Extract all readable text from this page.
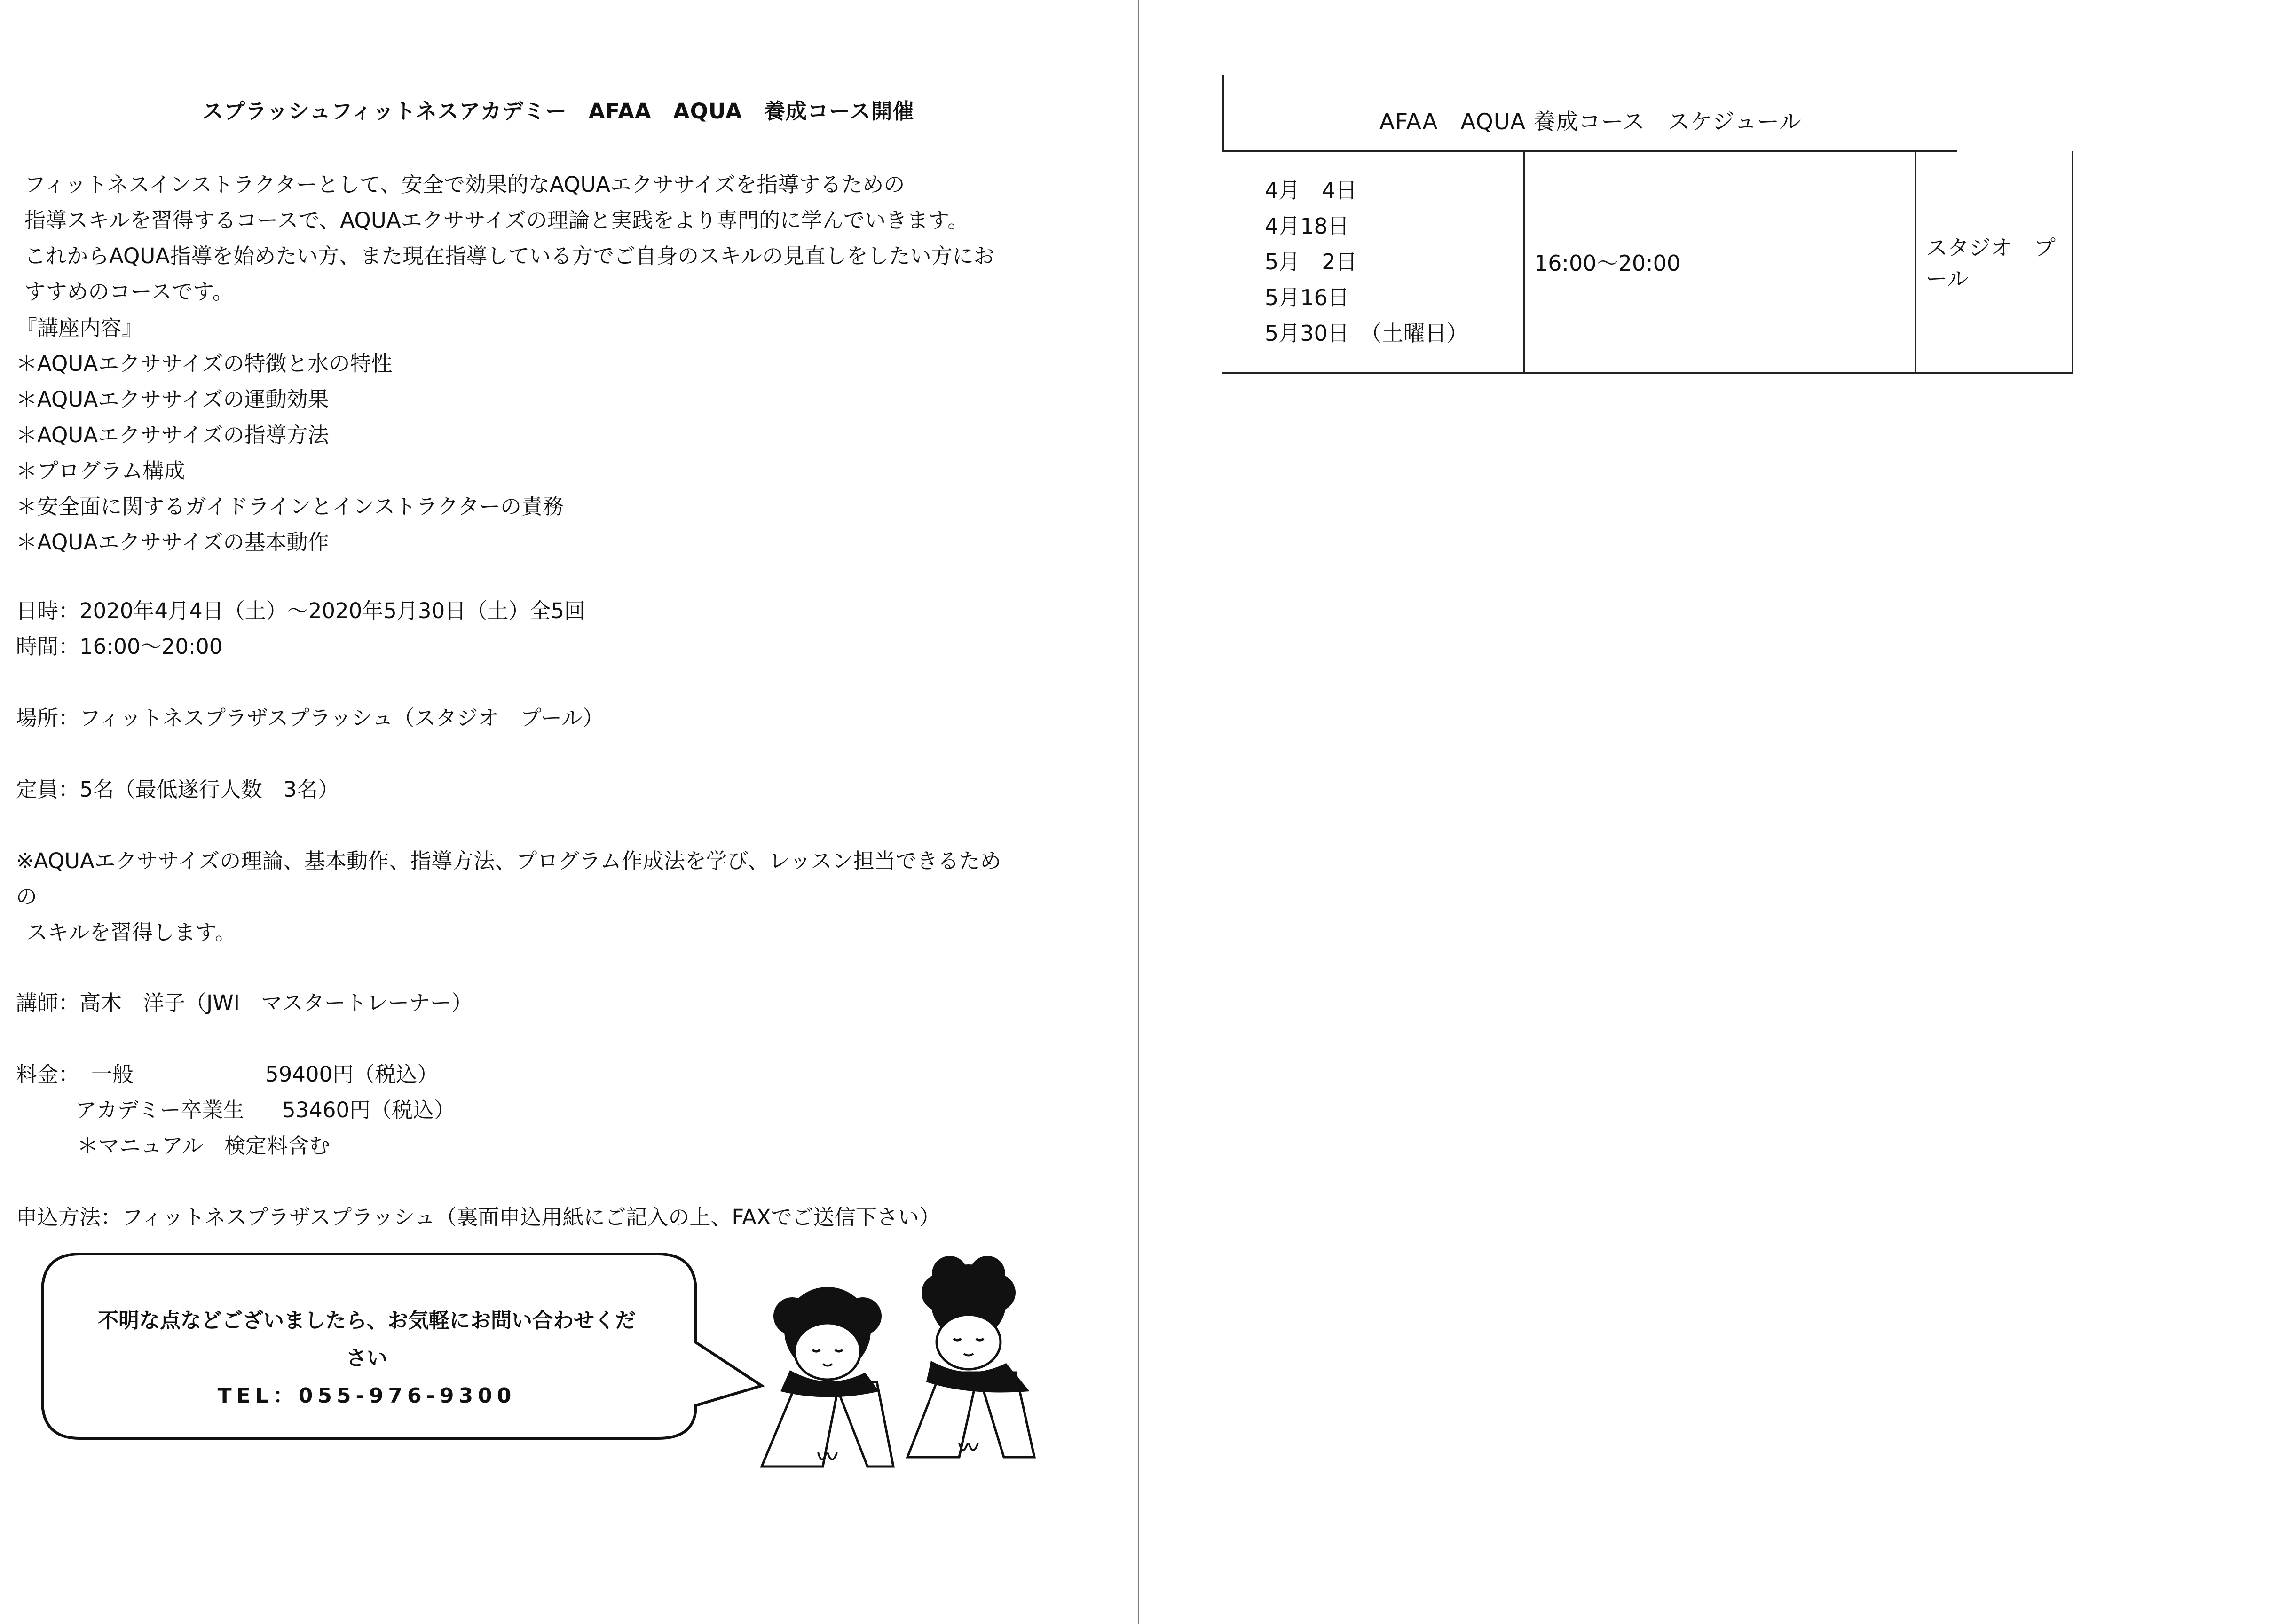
スプラッシュフィットネスアカデミー　AFAA　AQUA　養成コース開催

フィットネスインストラクターとして、安全で効果的なAQUAエクササイズを指導するための

指導スキルを習得するコースで、AQUAエクササイズの理論と実践をより専門的に学んでいきます。

これからAQUA指導を始めたい方、また現在指導している方でご自身のスキルの見直しをしたい方にお

すすめのコースです。

『講座内容』

＊AQUAエクササイズの特徴と水の特性

＊AQUAエクササイズの運動効果

＊AQUAエクササイズの指導方法

＊プログラム構成

＊安全面に関するガイドラインとインストラクターの責務

＊AQUAエクササイズの基本動作

日時：2020年4月4日（土）～2020年5月30日（土）全5回

時間：16:00～20:00

場所：フィットネスプラザスプラッシュ（スタジオ　プール）

定員：5名（最低遂行人数　3名）

※AQUAエクササイズの理論、基本動作、指導方法、プログラム作成法を学び、レッスン担当できるため

の

スキルを習得します。

講師：高木　洋子（JWI　マスタートレーナー）

料金： 一般	59400円（税込）
アカデミー卒業生	53460円（税込）

＊マニュアル　検定料含む

申込方法：フィットネスプラザスプラッシュ（裏面申込用紙にご記入の上、FAXでご送信下さい）

不明な点などございましたら、お気軽にお問い合わせください
TEL：055-976-9300
AFAA　AQUA 養成コース　スケジュール
4月　4日
4月18日
5月　2日
5月16日
5月30日　（土曜日）
	16:00～20:00	スタジオ　プール
